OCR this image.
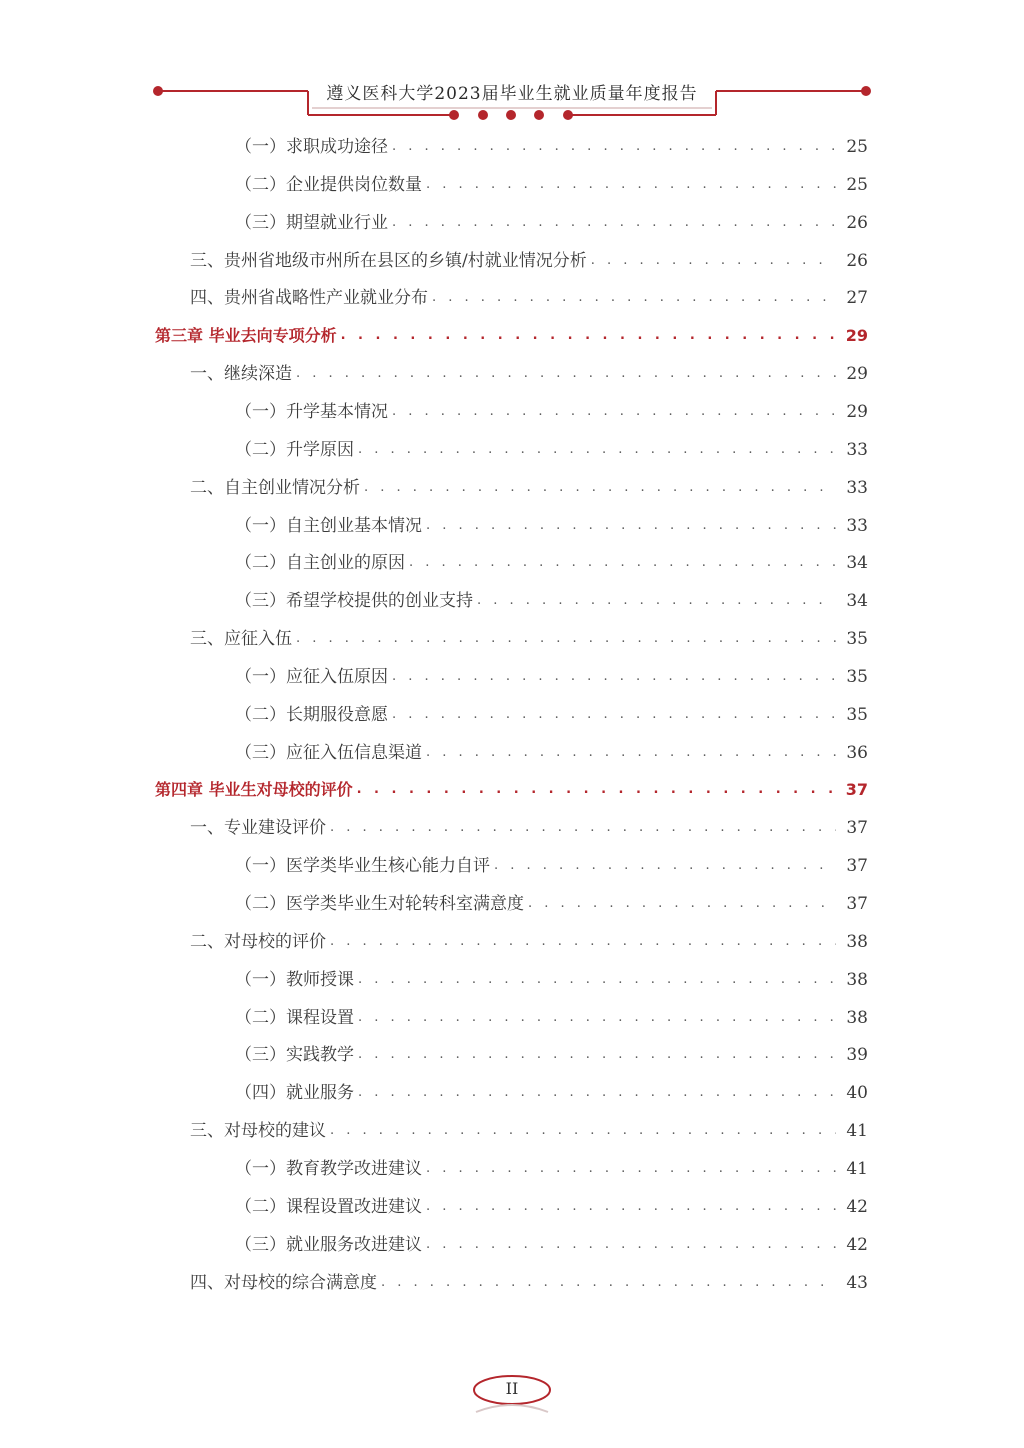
遵义医科大学2023届毕业生就业质量年度报告
（一）求职成功途径 . . .	25
（二）企业提供岗位数量 . . .	25
（三）期望就业行业 . . .	26
三、贵州省地级市州所在县区的乡镇/村就业情况分析 . . .	26
四、贵州省战略性产业就业分布 . . .	27
第三章 毕业去向专项分析 . . .	29
一、继续深造 . . .	29
（一）升学基本情况 . . .	29
（二）升学原因 . . .	33
二、自主创业情况分析 . . .	33
（一）自主创业基本情况 . . .	33
（二）自主创业的原因 . . .	34
（三）希望学校提供的创业支持 . . .	34
三、应征入伍 . . .	35
（一）应征入伍原因 . . .	35
（二）长期服役意愿 . . .	35
（三）应征入伍信息渠道 . . .	36
第四章 毕业生对母校的评价 . . .	37
一、专业建设评价 . . .	37
（一）医学类毕业生核心能力自评 . . .	37
（二）医学类毕业生对轮转科室满意度 . . .	37
二、对母校的评价 . . .	38
（一）教师授课 . . .	38
（二）课程设置 . . .	38
（三）实践教学 . . .	39
（四）就业服务 . . .	40
三、对母校的建议 . . .	41
（一）教育教学改进建议 . . .	41
（二）课程设置改进建议 . . .	42
（三）就业服务改进建议 . . .	42
四、对母校的综合满意度 . . .	43
II
